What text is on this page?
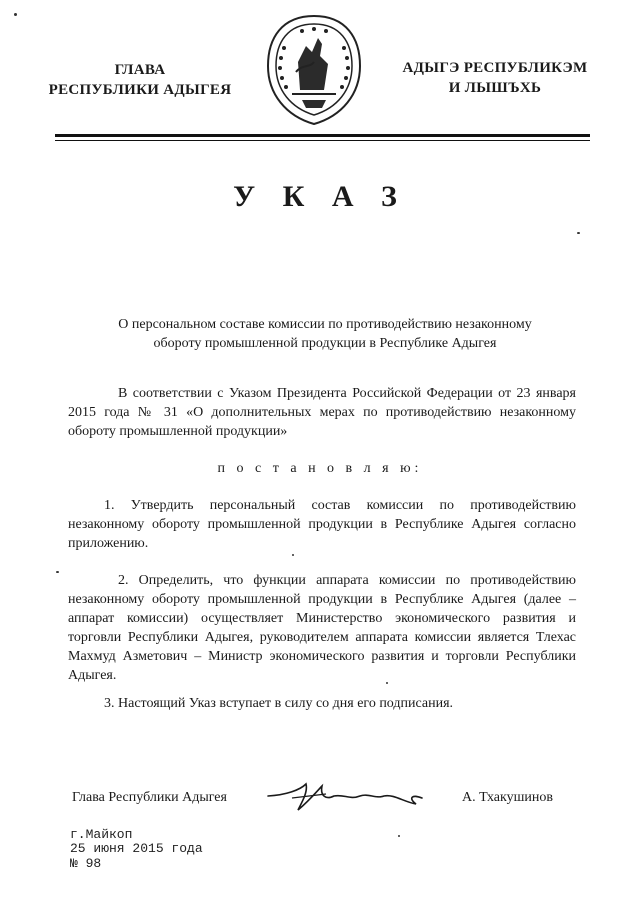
ГЛАВА
РЕСПУБЛИКИ АДЫГЕЯ
АДЫГЭ РЕСПУБЛИКЭМ
И ЛЫШЪХЬ
У К А З
О персональном составе комиссии по противодействию незаконному
обороту промышленной продукции в Республике Адыгея
В соответствии с Указом Президента Российской Федерации от 23 января 2015 года № 31 «О дополнительных мерах по противодействию незаконному обороту промышленной продукции»
п о с т а н о в л я ю:
1. Утвердить персональный состав комиссии по противодействию незаконному обороту промышленной продукции в Республике Адыгея согласно приложению.
2. Определить, что функции аппарата комиссии по противодействию незаконному обороту промышленной продукции в Республике Адыгея (далее – аппарат комиссии) осуществляет Министерство экономического развития и торговли Республики Адыгея, руководителем аппарата комиссии является Тлехас Махмуд Азметович – Министр экономического развития и торговли Республики Адыгея.
3. Настоящий Указ вступает в силу со дня его подписания.
Глава Республики Адыгея	А. Тхакушинов
г.Майкоп
25 июня 2015 года
№ 98
